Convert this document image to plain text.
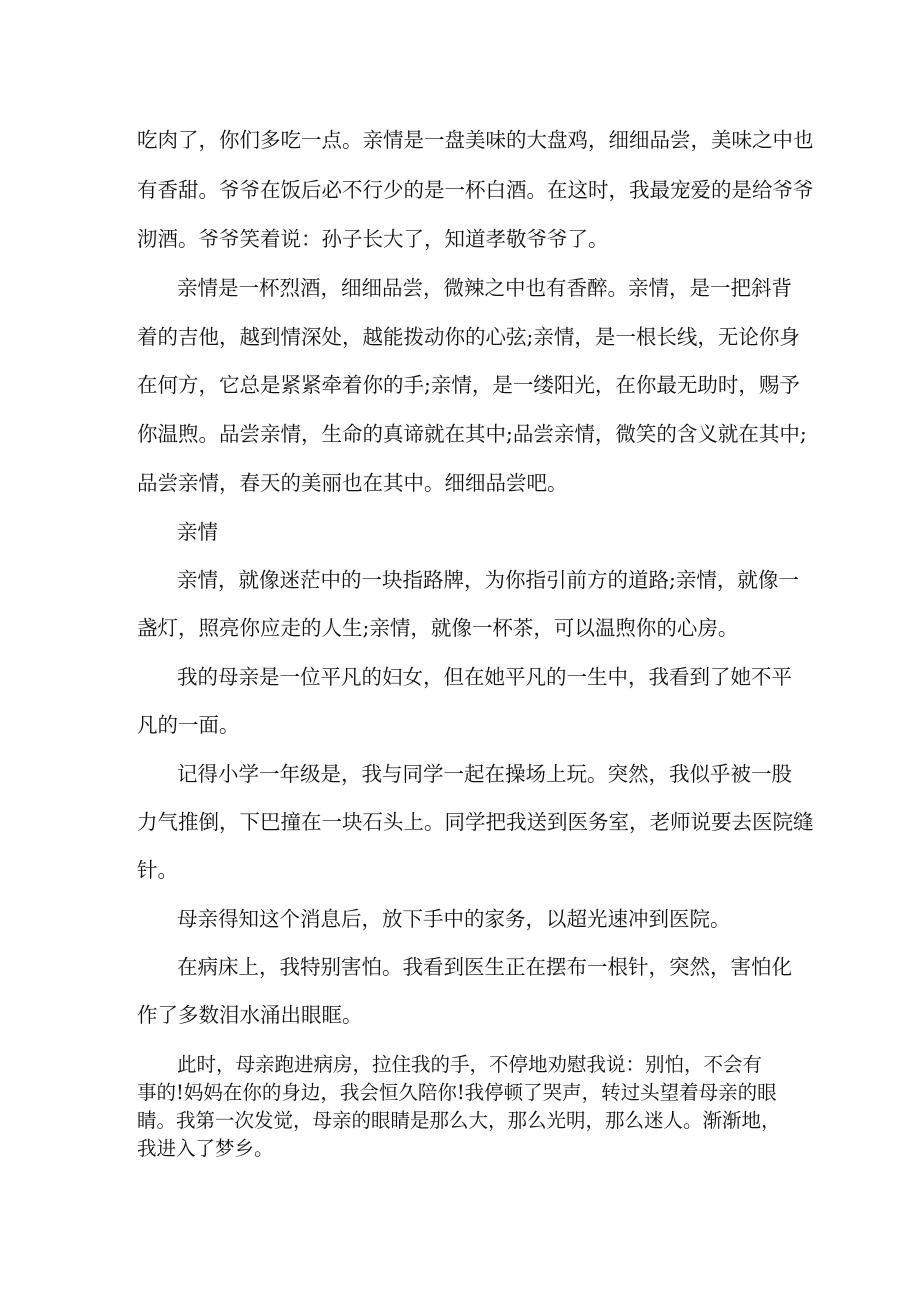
吃肉了，你们多吃一点。亲情是一盘美味的大盘鸡，细细品尝，美味之中也
有香甜。爷爷在饭后必不行少的是一杯白酒。在这时，我最宠爱的是给爷爷
沏酒。爷爷笑着说：孙子长大了，知道孝敬爷爷了。
亲情是一杯烈酒，细细品尝，微辣之中也有香醉。亲情，是一把斜背
着的吉他，越到情深处，越能拨动你的心弦;亲情，是一根长线，无论你身
在何方，它总是紧紧牵着你的手;亲情，是一缕阳光，在你最无助时，赐予
你温煦。品尝亲情，生命的真谛就在其中;品尝亲情，微笑的含义就在其中;
品尝亲情，春天的美丽也在其中。细细品尝吧。
亲情
亲情，就像迷茫中的一块指路牌，为你指引前方的道路;亲情，就像一
盏灯，照亮你应走的人生;亲情，就像一杯茶，可以温煦你的心房。
我的母亲是一位平凡的妇女，但在她平凡的一生中，我看到了她不平
凡的一面。
记得小学一年级是，我与同学一起在操场上玩。突然，我似乎被一股
力气推倒，下巴撞在一块石头上。同学把我送到医务室，老师说要去医院缝
针。
母亲得知这个消息后，放下手中的家务，以超光速冲到医院。
在病床上，我特别害怕。我看到医生正在摆布一根针，突然，害怕化
作了多数泪水涌出眼眶。
此时，母亲跑进病房，拉住我的手，不停地劝慰我说：别怕，不会有
事的!妈妈在你的身边，我会恒久陪你!我停顿了哭声，转过头望着母亲的眼
睛。我第一次发觉，母亲的眼睛是那么大，那么光明，那么迷人。渐渐地，
我进入了梦乡。
